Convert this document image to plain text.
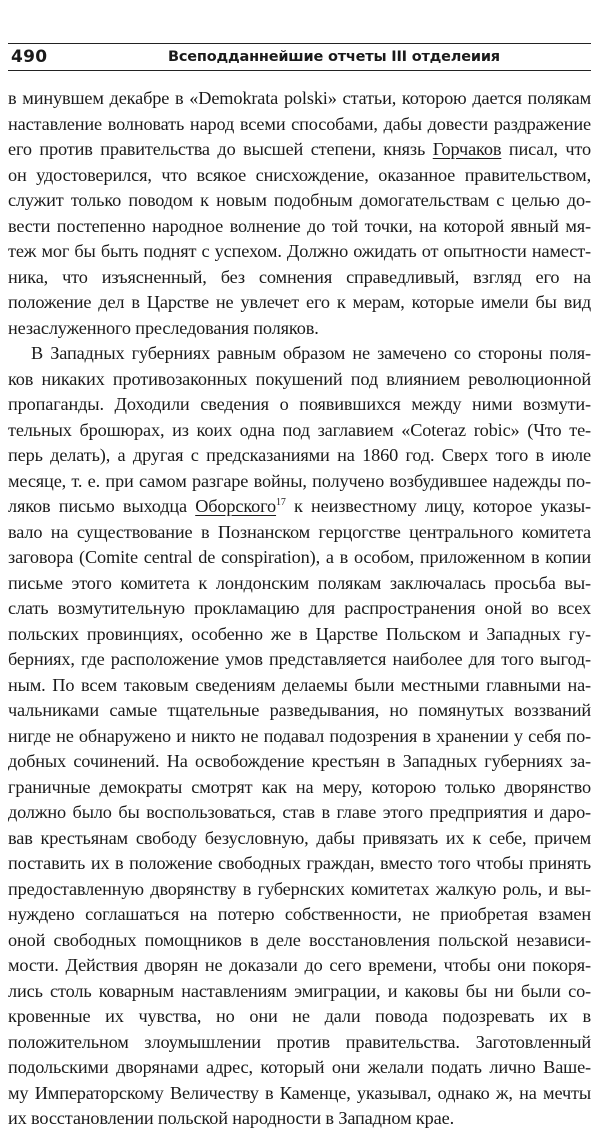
490	Всеподданнейшие отчеты III отделеиия
в минувшем декабре в «Demokrata polski» статьи, которою дается полякам
наставление волновать народ всеми способами, дабы довести раздражение
его против правительства до высшей степени, князь Горчаков писал, что
он удостоверился, что всякое снисхождение, оказанное правительством,
служит только поводом к новым подобным домогательствам с целью до-
вести постепенно народное волнение до той точки, на которой явный мя-
теж мог бы быть поднят с успехом. Должно ожидать от опытности намест-
ника, что изъясненный, без сомнения справедливый, взгляд его на
положение дел в Царстве не увлечет его к мерам, которые имели бы вид
незаслуженного преследования поляков.
В Западных губерниях равным образом не замечено со стороны поля-
ков никаких противозаконных покушений под влиянием революционной
пропаганды. Доходили сведения о появившихся между ними возмути-
тельных брошюрах, из коих одна под заглавием «Coteraz robic» (Что те-
перь делать), а другая с предсказаниями на 1860 год. Сверх того в июле
месяце, т. е. при самом разгаре войны, получено возбудившее надежды по-
ляков письмо выходца Оборского$^{17}$ к неизвестному лицу, которое указы-
вало на существование в Познанском герцогстве центрального комитета
заговора (Comite central de conspiration), а в особом, приложенном в копии
письме этого комитета к лондонским полякам заключалась просьба вы-
слать возмутительную прокламацию для распространения оной во всех
польских провинциях, особенно же в Царстве Польском и Западных гу-
берниях, где расположение умов представляется наиболее для того выгод-
ным. По всем таковым сведениям делаемы были местными главными на-
чальниками самые тщательные разведывания, но помянутых воззваний
нигде не обнаружено и никто не подавал подозрения в хранении у себя по-
добных сочинений. На освобождение крестьян в Западных губерниях за-
граничные демократы смотрят как на меру, которою только дворянство
должно было бы воспользоваться, став в главе этого предприятия и даро-
вав крестьянам свободу безусловную, дабы привязать их к себе, причем
поставить их в положение свободных граждан, вместо того чтобы принять
предоставленную дворянству в губернских комитетах жалкую роль, и вы-
нуждено соглашаться на потерю собственности, не приобретая взамен
оной свободных помощников в деле восстановления польской независи-
мости. Действия дворян не доказали до сего времени, чтобы они покоря-
лись столь коварным наставлениям эмиграции, и каковы бы ни были со-
кровенные их чувства, но они не дали повода подозревать их в
положительном злоумышлении против правительства. Заготовленный
подольскими дворянами адрес, который они желали подать лично Ваше-
му Императорскому Величеству в Каменце, указывал, однако ж, на мечты
их восстановлении польской народности в Западном крае.
